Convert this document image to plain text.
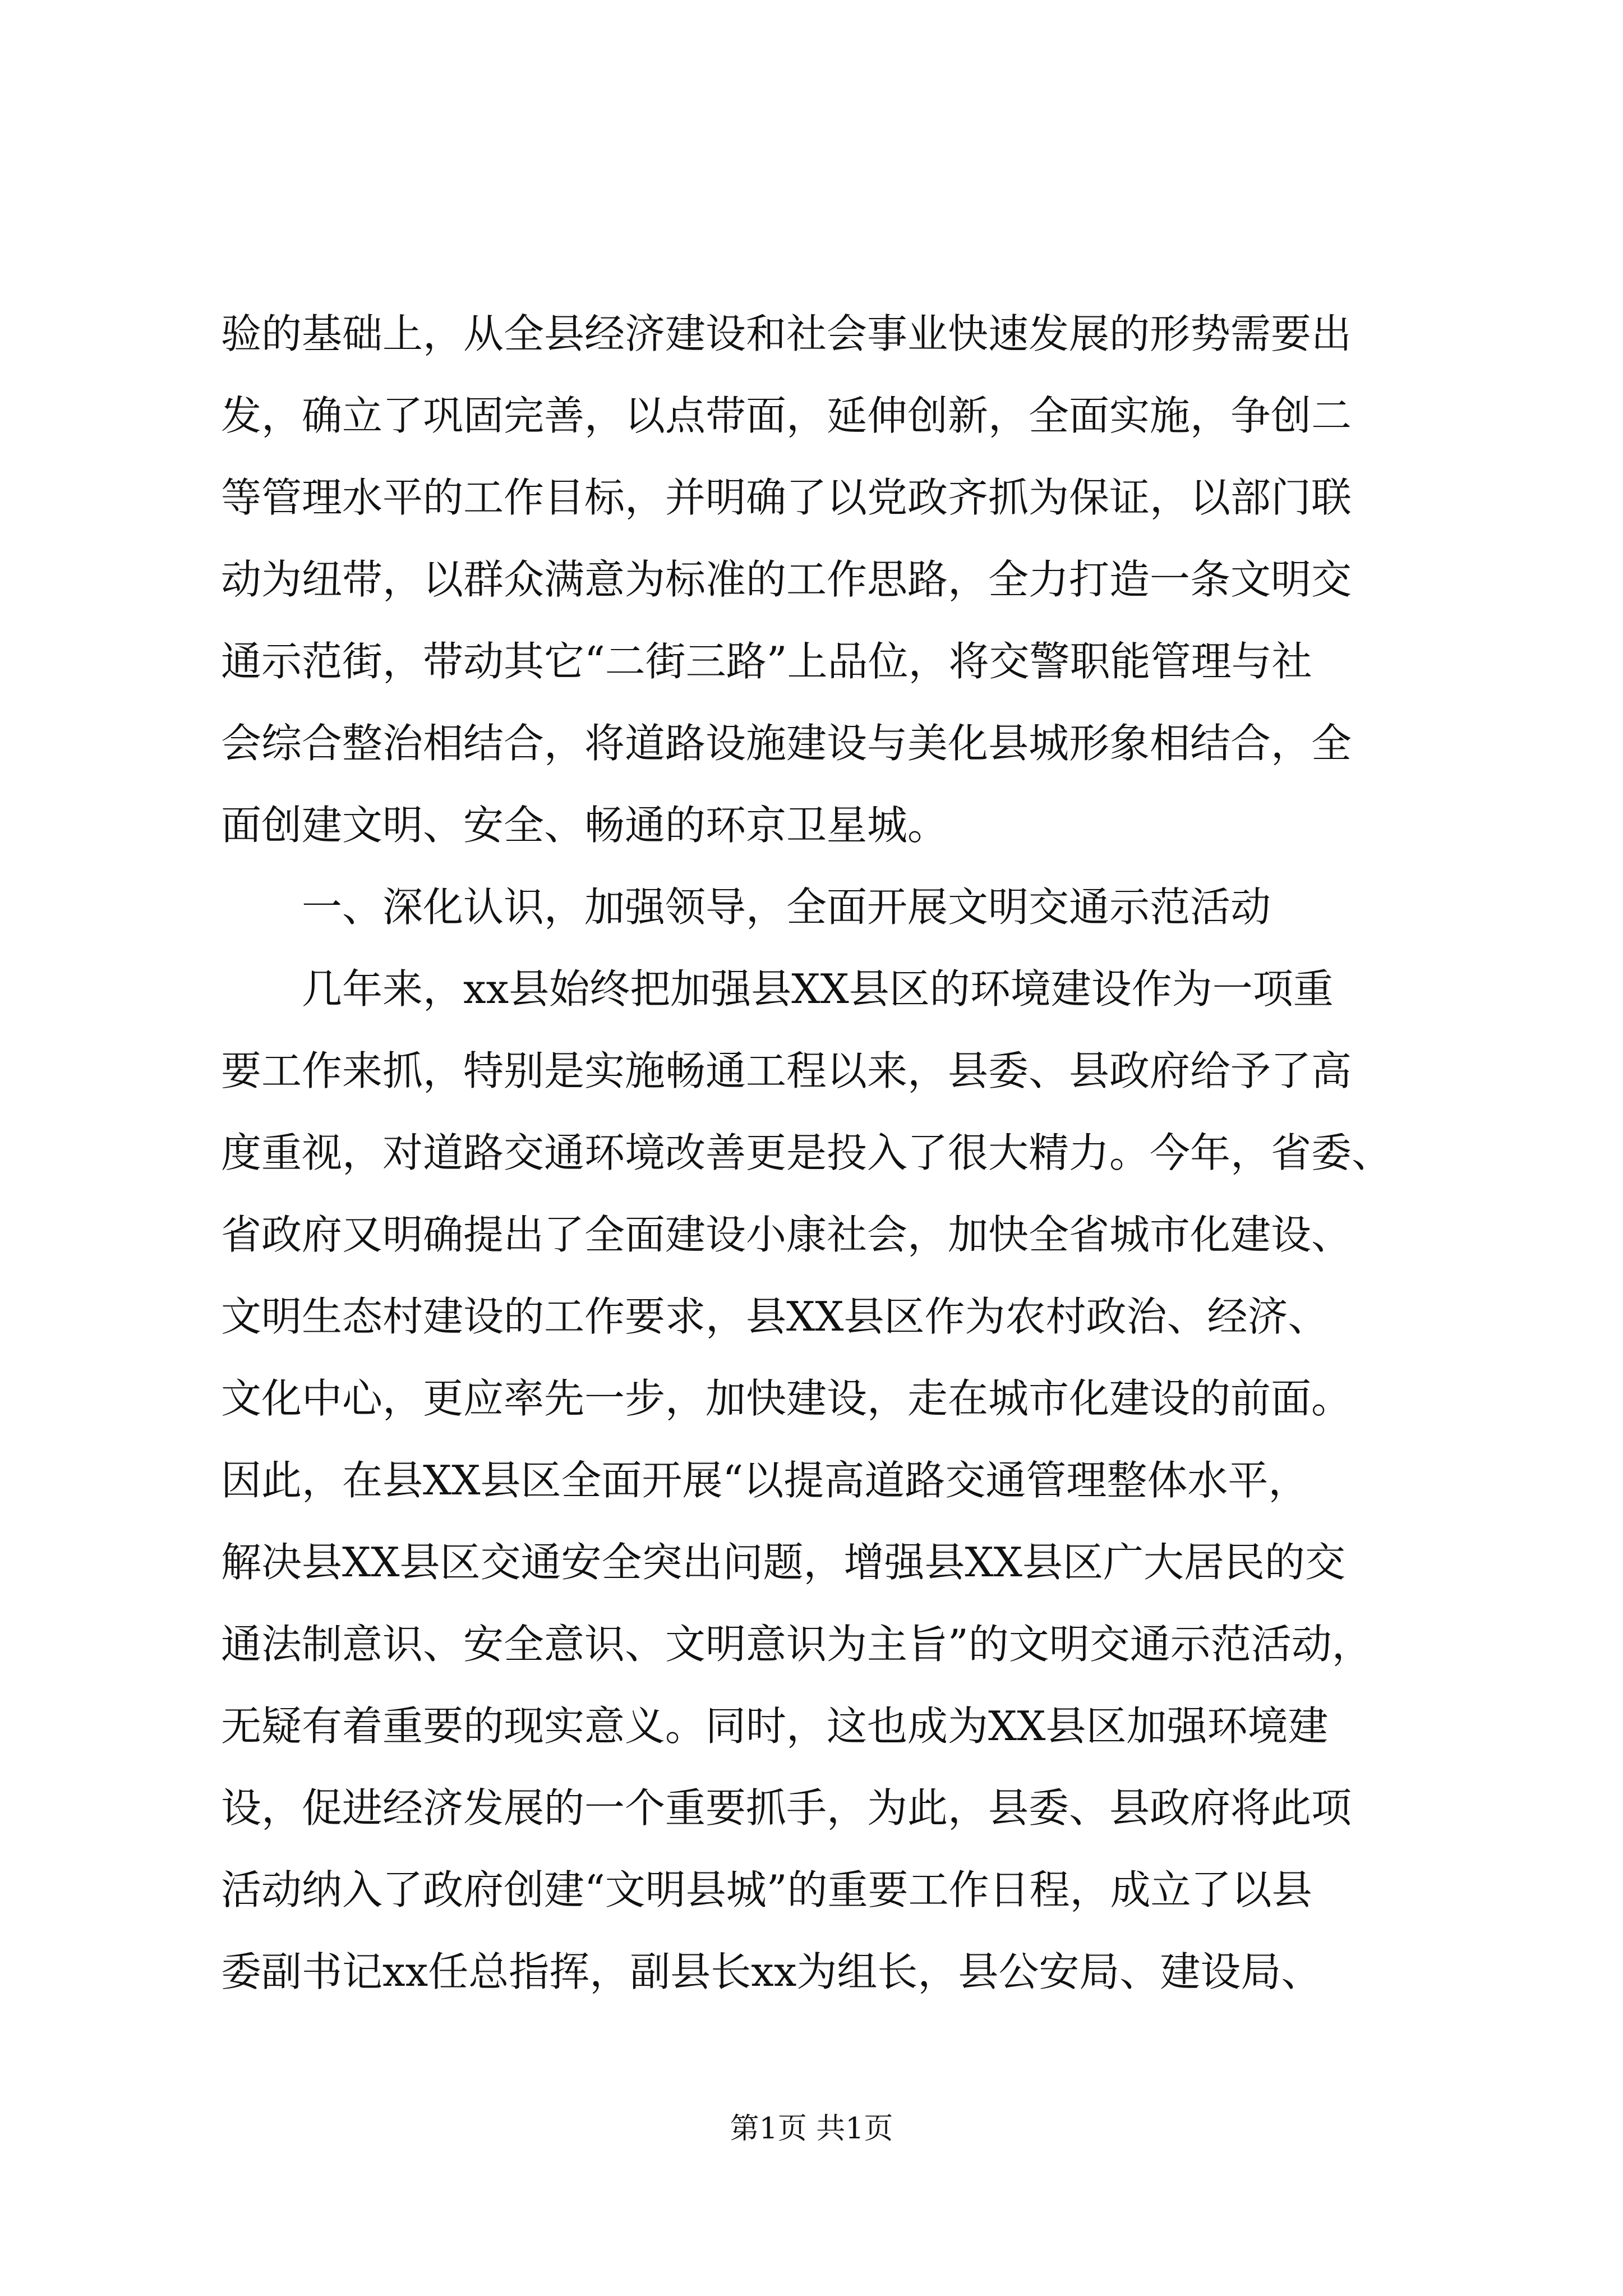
验的基础上，从全县经济建设和社会事业快速发展的形势需要出
发，确立了巩固完善，以点带面，延伸创新，全面实施，争创二
等管理水平的工作目标，并明确了以党政齐抓为保证，以部门联
动为纽带，以群众满意为标准的工作思路，全力打造一条文明交
通示范街，带动其它“二街三路”上品位，将交警职能管理与社
会综合整治相结合，将道路设施建设与美化县城形象相结合，全
面创建文明、安全、畅通的环京卫星城。
一、深化认识，加强领导，全面开展文明交通示范活动
几年来，xx县始终把加强县XX县区的环境建设作为一项重
要工作来抓，特别是实施畅通工程以来，县委、县政府给予了高
度重视，对道路交通环境改善更是投入了很大精力。今年，省委、
省政府又明确提出了全面建设小康社会，加快全省城市化建设、
文明生态村建设的工作要求，县XX县区作为农村政治、经济、
文化中心，更应率先一步，加快建设，走在城市化建设的前面。
因此，在县XX县区全面开展“以提高道路交通管理整体水平，
解决县XX县区交通安全突出问题，增强县XX县区广大居民的交
通法制意识、安全意识、文明意识为主旨”的文明交通示范活动，
无疑有着重要的现实意义。同时，这也成为XX县区加强环境建
设，促进经济发展的一个重要抓手，为此，县委、县政府将此项
活动纳入了政府创建“文明县城”的重要工作日程，成立了以县
委副书记xx任总指挥，副县长xx为组长，县公安局、建设局、
第1页 共1页
